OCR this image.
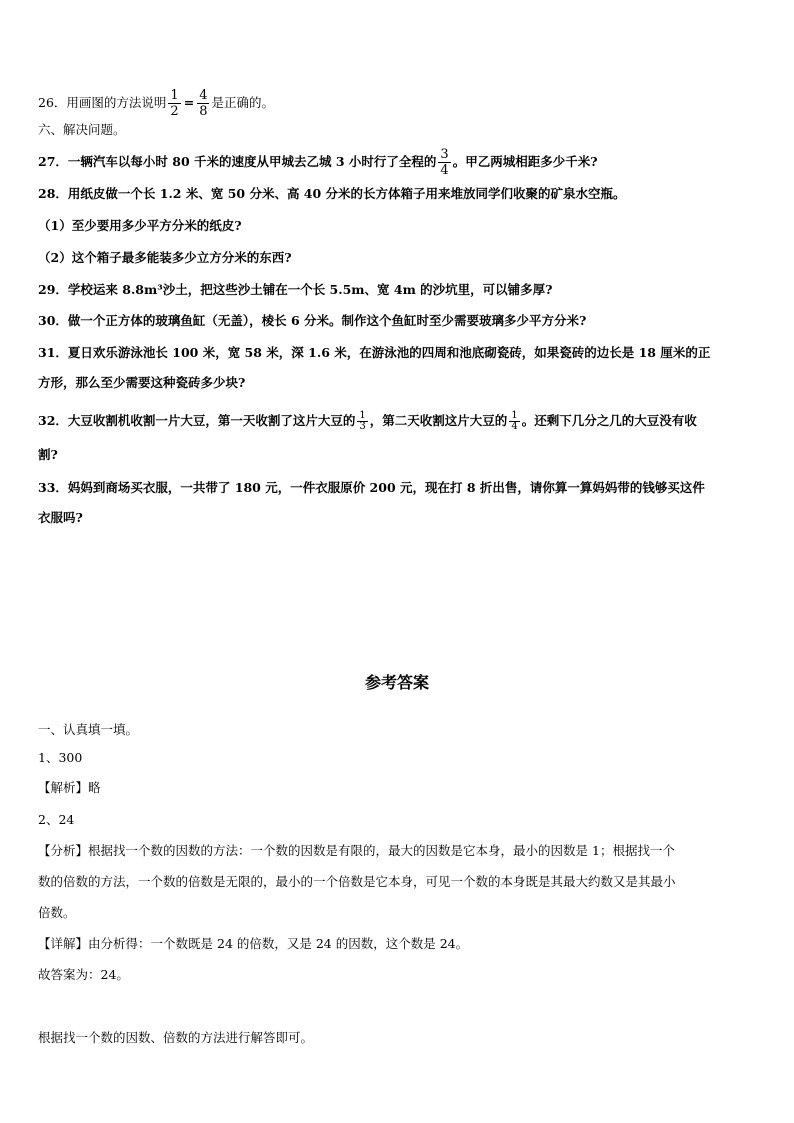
26．用画图的方法说明 $\frac{1}{2} = \frac{4}{8}$ 是正确的。
六、解决问题。
27．一辆汽车以每小时 80 千米的速度从甲城去乙城 3 小时行了全程的 $\frac{3}{4}$ 。甲乙两城相距多少千米?
28．用纸皮做一个长 1.2 米、宽 50 分米、高 40 分米的长方体箱子用来堆放同学们收聚的矿泉水空瓶。
（1）至少要用多少平方分米的纸皮?
（2）这个箱子最多能装多少立方分米的东西?
29．学校运来 8.8m³沙土，把这些沙土铺在一个长 5.5m、宽 4m 的沙坑里，可以铺多厚?
30．做一个正方体的玻璃鱼缸（无盖），棱长 6 分米。制作这个鱼缸时至少需要玻璃多少平方分米?
31．夏日欢乐游泳池长 100 米，宽 58 米，深 1.6 米，在游泳池的四周和池底砌瓷砖，如果瓷砖的边长是 18 厘米的正
方形，那么至少需要这种瓷砖多少块?
32．大豆收割机收割一片大豆，第一天收割了这片大豆的 $\frac{1}{3}$ ，第二天收割这片大豆的 $\frac{1}{4}$ 。还剩下几分之几的大豆没有收
割?
33．妈妈到商场买衣服，一共带了 180 元，一件衣服原价 200 元，现在打 8 折出售，请你算一算妈妈带的钱够买这件
衣服吗?
参考答案
一、认真填一填。
1、300
【解析】略
2、24
【分析】根据找一个数的因数的方法：一个数的因数是有限的，最大的因数是它本身，最小的因数是 1；根据找一个
数的倍数的方法，一个数的倍数是无限的，最小的一个倍数是它本身，可见一个数的本身既是其最大约数又是其最小
倍数。
【详解】由分析得：一个数既是 24 的倍数，又是 24 的因数，这个数是 24。
故答案为：24。
根据找一个数的因数、倍数的方法进行解答即可。
